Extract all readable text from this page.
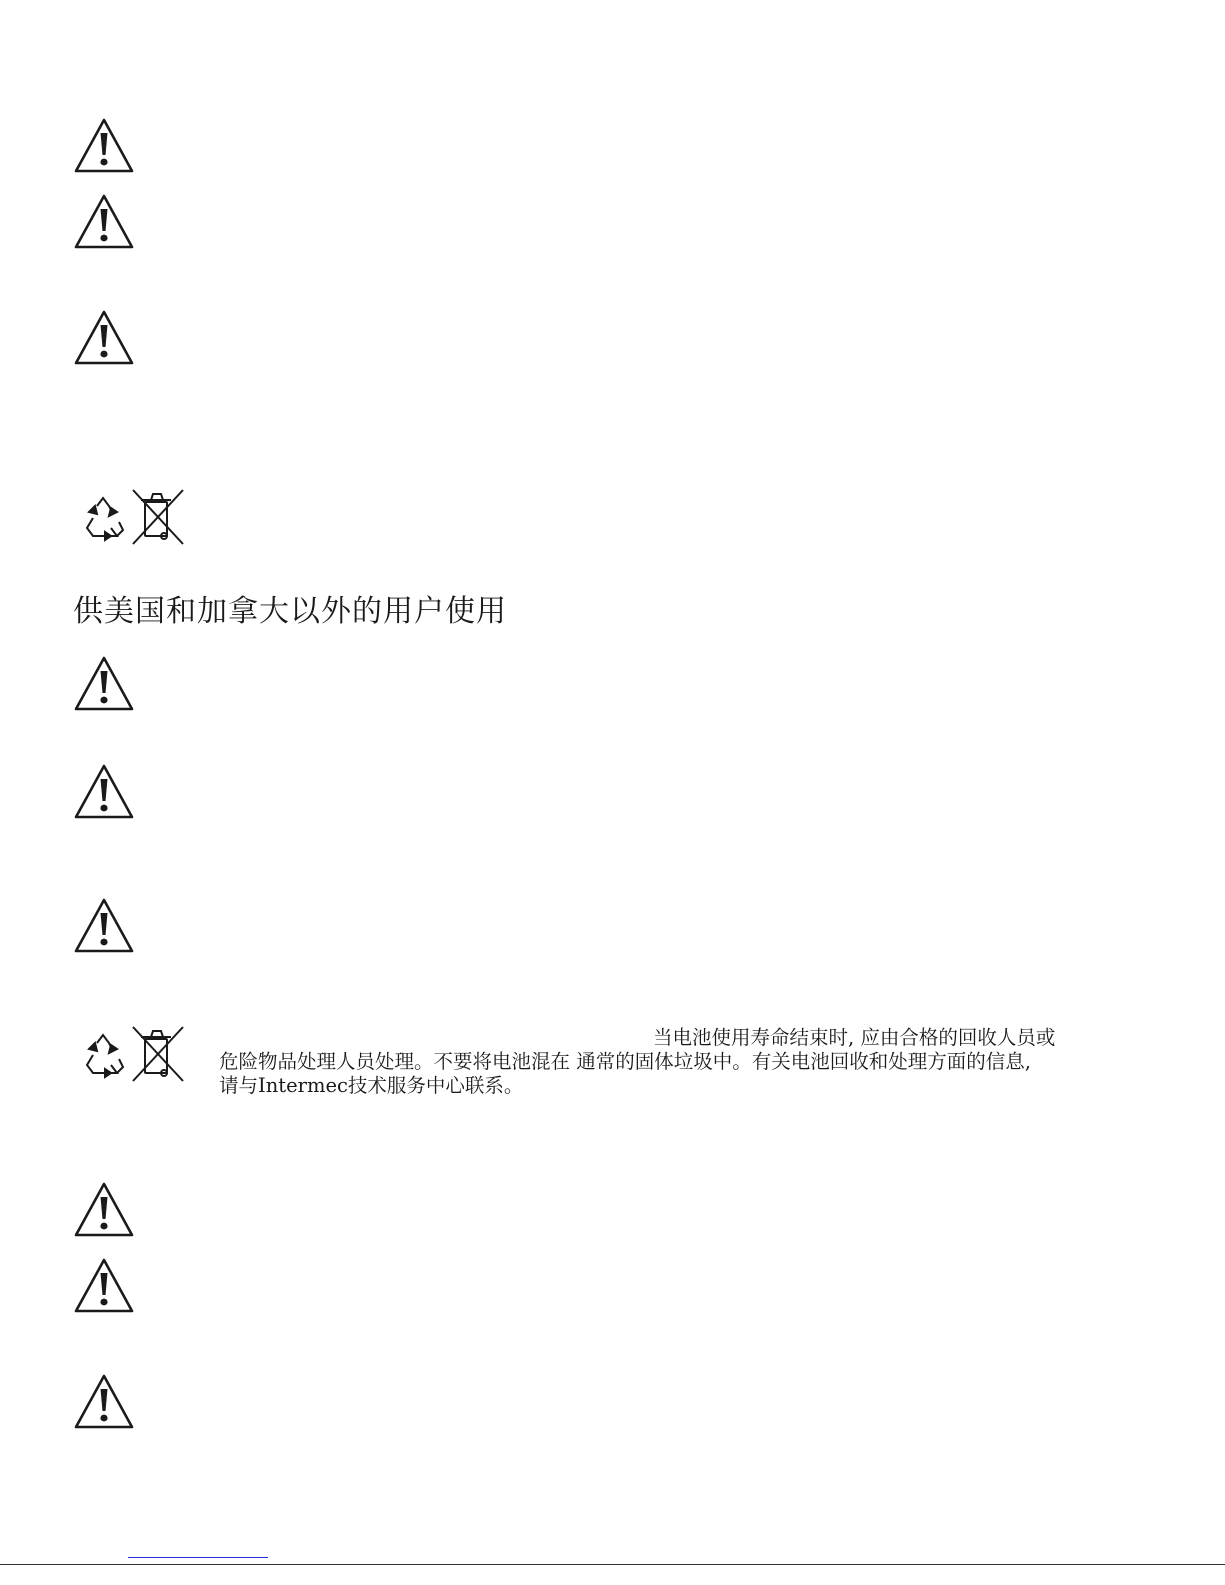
供美国和加拿大以外的用户使用

当电池使用寿命结束时, 应由合格的回收人员或
危险物品处理人员处理。不要将电池混在 通常的固体垃圾中。有关电池回收和处理方面的信息,
请与Intermec技术服务中心联系。
